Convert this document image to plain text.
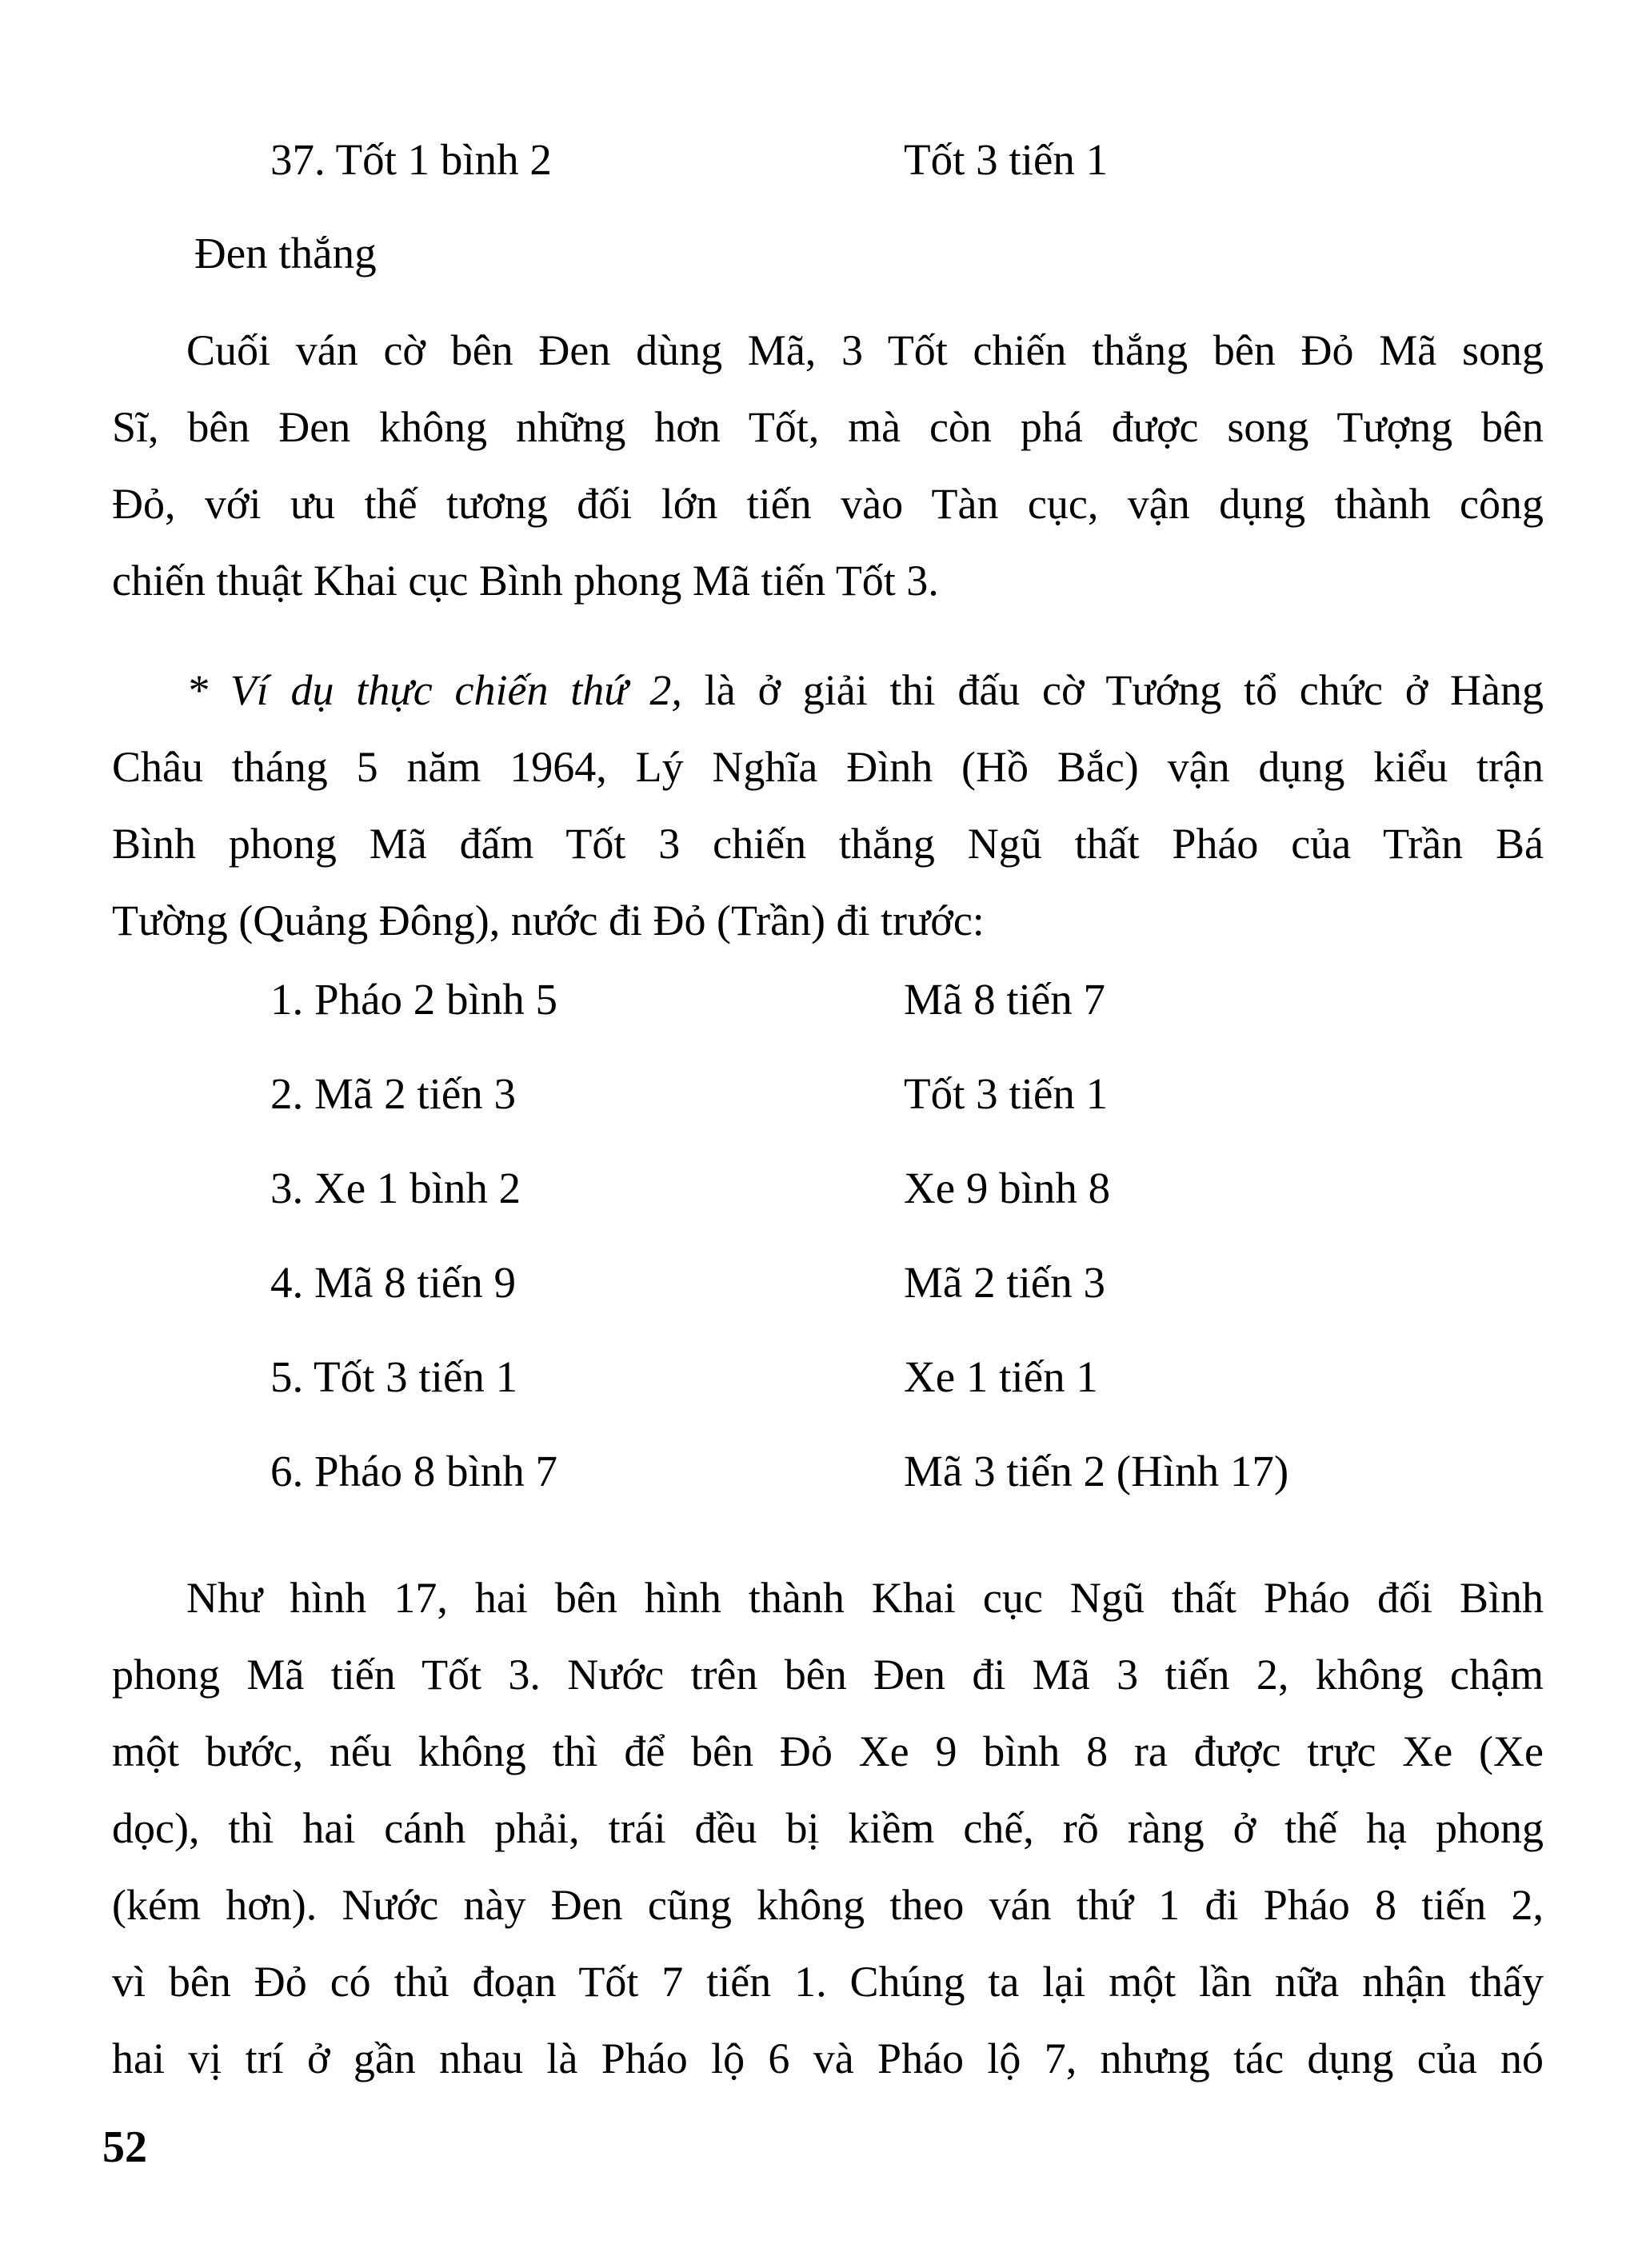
37. Tốt 1 bình 2	Tốt 3 tiến 1
Đen thắng
Cuối ván cờ bên Đen dùng Mã, 3 Tốt chiến thắng bên Đỏ Mã song
Sĩ, bên Đen không những hơn Tốt, mà còn phá được song Tượng bên
Đỏ, với ưu thế tương đối lớn tiến vào Tàn cục, vận dụng thành công
chiến thuật Khai cục Bình phong Mã tiến Tốt 3.
* Ví dụ thực chiến thứ 2, là ở giải thi đấu cờ Tướng tổ chức ở Hàng
Châu tháng 5 năm 1964, Lý Nghĩa Đình (Hồ Bắc) vận dụng kiểu trận
Bình phong Mã đấm Tốt 3 chiến thắng Ngũ thất Pháo của Trần Bá
Tường (Quảng Đông), nước đi Đỏ (Trần) đi trước:
1. Pháo 2 bình 5	Mã 8 tiến 7
2. Mã 2 tiến 3	Tốt 3 tiến 1
3. Xe 1 bình 2	Xe 9 bình 8
4. Mã 8 tiến 9	Mã 2 tiến 3
5. Tốt 3 tiến 1	Xe 1 tiến 1
6. Pháo 8 bình 7	Mã 3 tiến 2 (Hình 17)
Như hình 17, hai bên hình thành Khai cục Ngũ thất Pháo đối Bình
phong Mã tiến Tốt 3. Nước trên bên Đen đi Mã 3 tiến 2, không chậm
một bước, nếu không thì để bên Đỏ Xe 9 bình 8 ra được trực Xe (Xe
dọc), thì hai cánh phải, trái đều bị kiềm chế, rõ ràng ở thế hạ phong
(kém hơn). Nước này Đen cũng không theo ván thứ 1 đi Pháo 8 tiến 2,
vì bên Đỏ có thủ đoạn Tốt 7 tiến 1. Chúng ta lại một lần nữa nhận thấy
hai vị trí ở gần nhau là Pháo lộ 6 và Pháo lộ 7, nhưng tác dụng của nó
52
